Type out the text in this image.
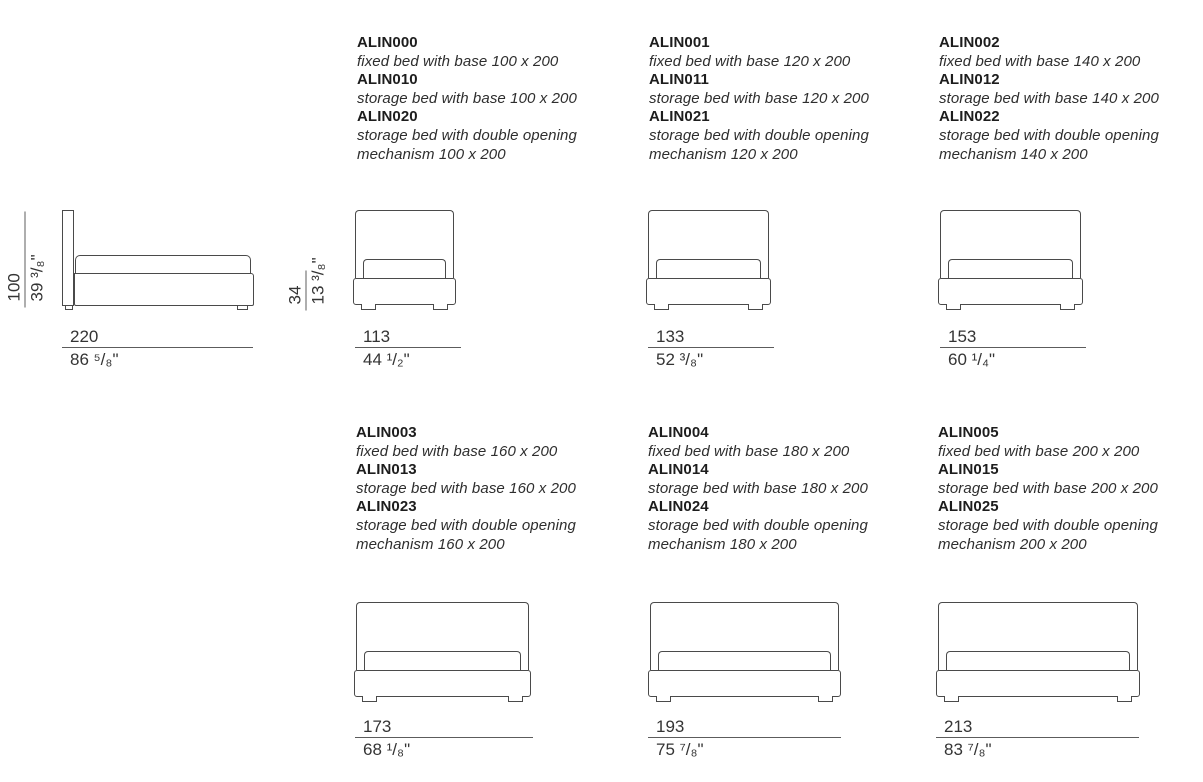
ALIN000
fixed bed with base 100 x 200
ALIN010
storage bed with base 100 x 200
ALIN020
storage bed with double opening mechanism 100 x 200
ALIN001
fixed bed with base 120 x 200
ALIN011
storage bed with base 120 x 200
ALIN021
storage bed with double opening mechanism 120 x 200
ALIN002
fixed bed with base 140 x 200
ALIN012
storage bed with base 140 x 200
ALIN022
storage bed with double opening mechanism 140 x 200
ALIN003
fixed bed with base 160 x 200
ALIN013
storage bed with base 160 x 200
ALIN023
storage bed with double opening mechanism 160 x 200
ALIN004
fixed bed with base 180 x 200
ALIN014
storage bed with base 180 x 200
ALIN024
storage bed with double opening mechanism 180 x 200
ALIN005
fixed bed with base 200 x 200
ALIN015
storage bed with base 200 x 200
ALIN025
storage bed with double opening mechanism 200 x 200
100 39 ³/₈"	34 13 ³/₈"
220
86 ⁵/₈"
113
44 ¹/₂"
133
52 ³/₈"
153
60 ¹/₄"
173
68 ¹/₈"
193
75 ⁷/₈"
213
83 ⁷/₈"
